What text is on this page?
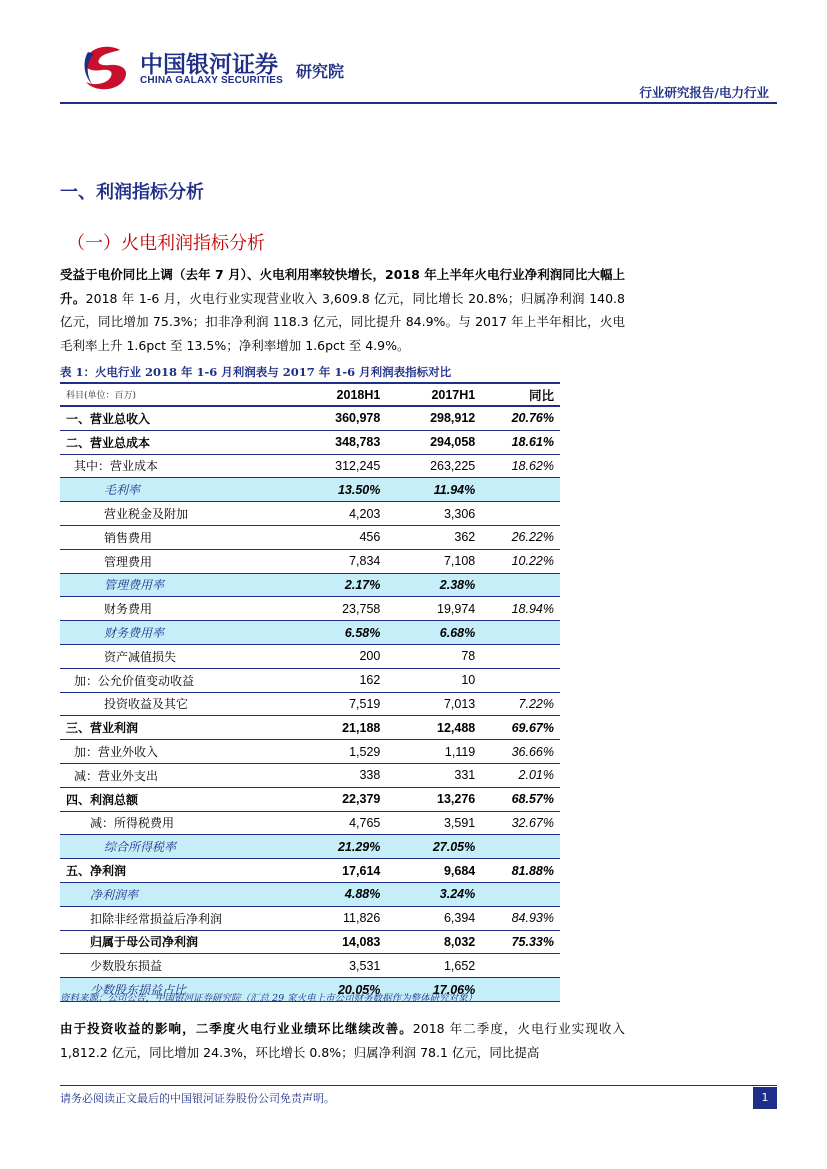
中国银河证券
CHINA GALAXY SECURITIES 研究院
行业研究报告/电力行业
一、利润指标分析
（一）火电利润指标分析
受益于电价同比上调（去年 7 月）、火电利用率较快增长，2018 年上半年火电行业净利润同比大幅上升。2018 年 1-6 月，火电行业实现营业收入 3,609.8 亿元，同比增长 20.8%；归属净利润 140.8 亿元，同比增加 75.3%；扣非净利润 118.3 亿元，同比提升 84.9%。与 2017 年上半年相比，火电毛利率上升 1.6pct 至 13.5%；净利率增加 1.6pct 至 4.9%。
表 1：火电行业 2018 年 1-6 月利润表与 2017 年 1-6 月利润表指标对比
科目(单位：百万)	2018H1	2017H1	同比
一、营业总收入	360,978	298,912	20.76%
二、营业总成本	348,783	294,058	18.61%
其中：营业成本	312,245	263,225	18.62%
毛利率	13.50%	11.94%	
营业税金及附加	4,203	3,306	
销售费用	456	362	26.22%
管理费用	7,834	7,108	10.22%
管理费用率	2.17%	2.38%	
财务费用	23,758	19,974	18.94%
财务费用率	6.58%	6.68%	
资产减值损失	200	78	
加：公允价值变动收益	162	10	
投资收益及其它	7,519	7,013	7.22%
三、营业利润	21,188	12,488	69.67%
加：营业外收入	1,529	1,119	36.66%
减：营业外支出	338	331	2.01%
四、利润总额	22,379	13,276	68.57%
减：所得税费用	4,765	3,591	32.67%
综合所得税率	21.29%	27.05%	
五、净利润	17,614	9,684	81.88%
净利润率	4.88%	3.24%	
扣除非经常损益后净利润	11,826	6,394	84.93%
归属于母公司净利润	14,083	8,032	75.33%
少数股东损益	3,531	1,652	
少数股东损益占比	20.05%	17.06%	
资料来源：公司公告，中国银河证券研究院（汇总 29 家火电上市公司财务数据作为整体研究对象）
由于投资收益的影响，二季度火电行业业绩环比继续改善。2018 年二季度，火电行业实现收入 1,812.2 亿元，同比增加 24.3%，环比增长 0.8%；归属净利润 78.1 亿元，同比提高
请务必阅读正文最后的中国银河证券股份公司免责声明。	1
